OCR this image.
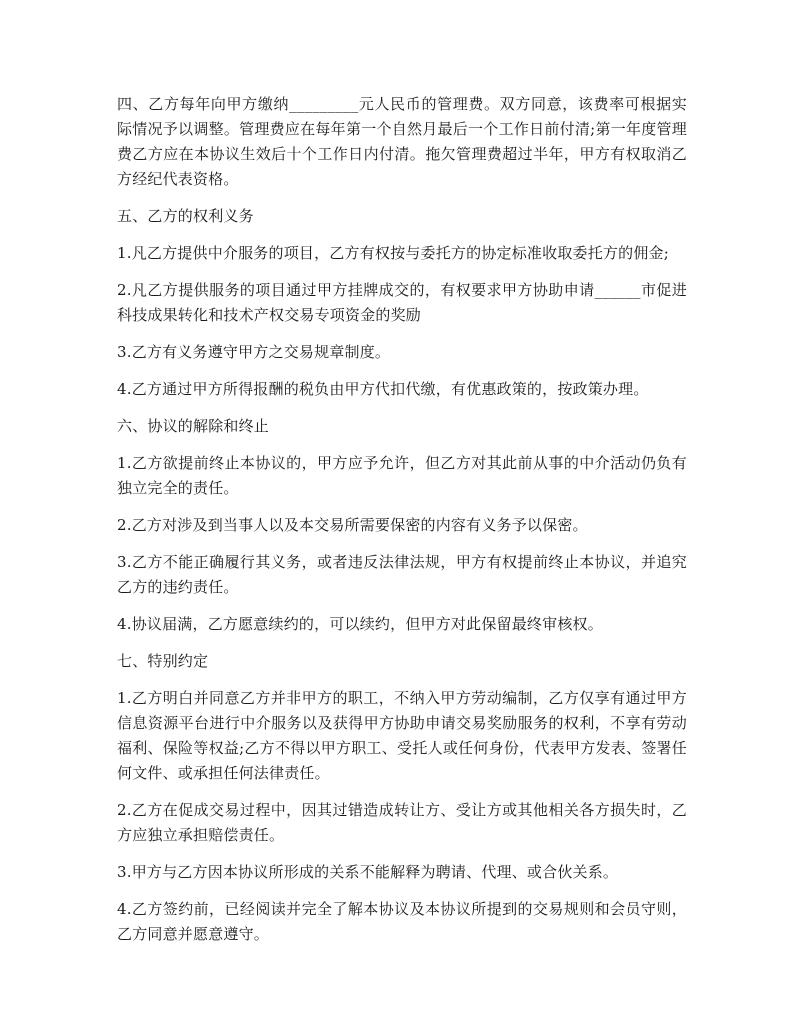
四、乙方每年向甲方缴纳_________元人民币的管理费。双方同意，该费率可根据实际情况予以调整。管理费应在每年第一个自然月最后一个工作日前付清;第一年度管理费乙方应在本协议生效后十个工作日内付清。拖欠管理费超过半年，甲方有权取消乙方经纪代表资格。

五、乙方的权利义务

1.凡乙方提供中介服务的项目，乙方有权按与委托方的协定标准收取委托方的佣金;

2.凡乙方提供服务的项目通过甲方挂牌成交的，有权要求甲方协助申请______市促进科技成果转化和技术产权交易专项资金的奖励

3.乙方有义务遵守甲方之交易规章制度。

4.乙方通过甲方所得报酬的税负由甲方代扣代缴，有优惠政策的，按政策办理。

六、协议的解除和终止

1.乙方欲提前终止本协议的，甲方应予允许，但乙方对其此前从事的中介活动仍负有独立完全的责任。

2.乙方对涉及到当事人以及本交易所需要保密的内容有义务予以保密。

3.乙方不能正确履行其义务，或者违反法律法规，甲方有权提前终止本协议，并追究乙方的违约责任。

4.协议届满，乙方愿意续约的，可以续约，但甲方对此保留最终审核权。

七、特别约定

1.乙方明白并同意乙方并非甲方的职工，不纳入甲方劳动编制，乙方仅享有通过甲方信息资源平台进行中介服务以及获得甲方协助申请交易奖励服务的权利，不享有劳动福利、保险等权益;乙方不得以甲方职工、受托人或任何身份，代表甲方发表、签署任何文件、或承担任何法律责任。

2.乙方在促成交易过程中，因其过错造成转让方、受让方或其他相关各方损失时，乙方应独立承担赔偿责任。

3.甲方与乙方因本协议所形成的关系不能解释为聘请、代理、或合伙关系。

4.乙方签约前，已经阅读并完全了解本协议及本协议所提到的交易规则和会员守则，乙方同意并愿意遵守。
